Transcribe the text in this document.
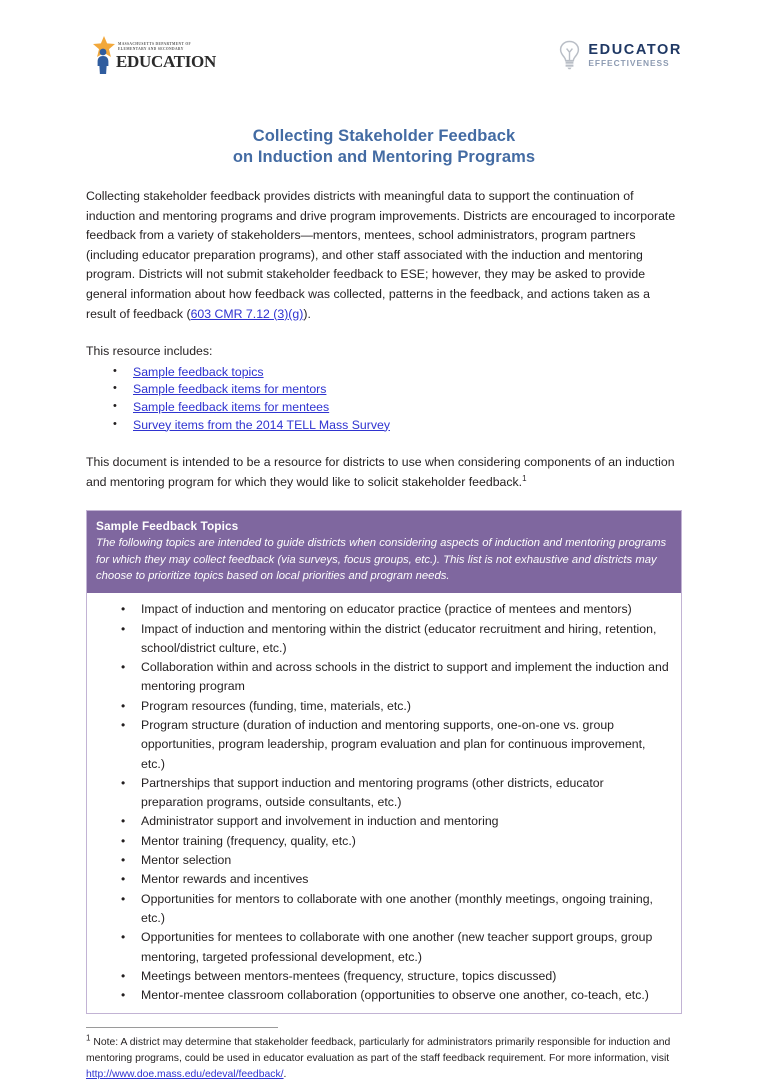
MASSACHUSETTS DEPARTMENT OF
ELEMENTARY AND SECONDARY
EDUCATION
EDUCATOR
EFFECTIVENESS
Collecting Stakeholder Feedback
on Induction and Mentoring Programs

Collecting stakeholder feedback provides districts with meaningful data to support the continuation of induction and mentoring programs and drive program improvements. Districts are encouraged to incorporate feedback from a variety of stakeholders—mentors, mentees, school administrators, program partners (including educator preparation programs), and other staff associated with the induction and mentoring program. Districts will not submit stakeholder feedback to ESE; however, they may be asked to provide general information about how feedback was collected, patterns in the feedback, and actions taken as a result of feedback (603 CMR 7.12 (3)(g)).

This resource includes:

• Sample feedback topics
• Sample feedback items for mentors
• Sample feedback items for mentees
• Survey items from the 2014 TELL Mass Survey

This document is intended to be a resource for districts to use when considering components of an induction and mentoring program for which they would like to solicit stakeholder feedback.$^1$

Sample Feedback Topics
The following topics are intended to guide districts when considering aspects of induction and mentoring programs for which they may collect feedback (via surveys, focus groups, etc.). This list is not exhaustive and districts may choose to prioritize topics based on local priorities and program needs.
• Impact of induction and mentoring on educator practice (practice of mentees and mentors)
• Impact of induction and mentoring within the district (educator recruitment and hiring, retention, school/district culture, etc.)
• Collaboration within and across schools in the district to support and implement the induction and mentoring program
• Program resources (funding, time, materials, etc.)
• Program structure (duration of induction and mentoring supports, one-on-one vs. group opportunities, program leadership, program evaluation and plan for continuous improvement, etc.)
• Partnerships that support induction and mentoring programs (other districts, educator preparation programs, outside consultants, etc.)
• Administrator support and involvement in induction and mentoring
• Mentor training (frequency, quality, etc.)
• Mentor selection
• Mentor rewards and incentives
• Opportunities for mentors to collaborate with one another (monthly meetings, ongoing training, etc.)
• Opportunities for mentees to collaborate with one another (new teacher support groups, group mentoring, targeted professional development, etc.)
• Meetings between mentors-mentees (frequency, structure, topics discussed)
• Mentor-mentee classroom collaboration (opportunities to observe one another, co-teach, etc.)

$^1$ Note: A district may determine that stakeholder feedback, particularly for administrators primarily responsible for induction and mentoring programs, could be used in educator evaluation as part of the staff feedback requirement. For more information, visit http://www.doe.mass.edu/edeval/feedback/.
